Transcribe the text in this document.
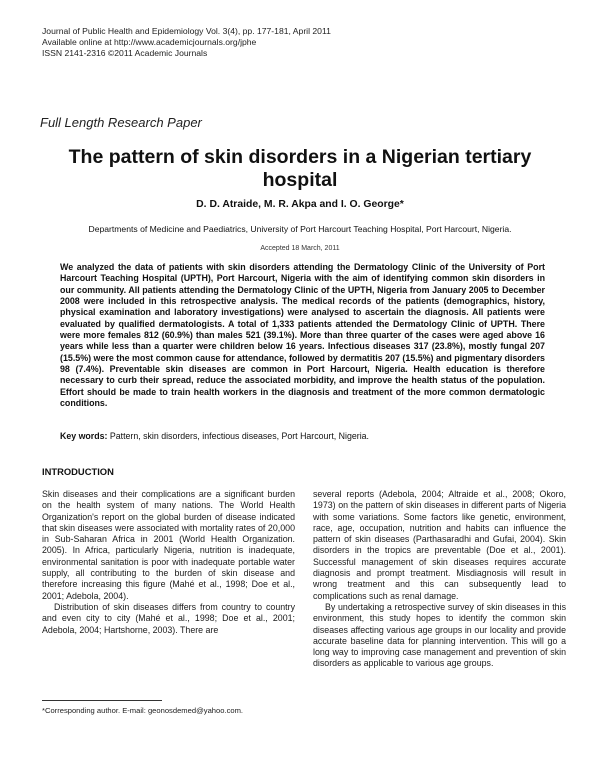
Journal of Public Health and Epidemiology Vol. 3(4), pp. 177-181, April 2011
Available online at http://www.academicjournals.org/jphe
ISSN 2141-2316 ©2011 Academic Journals
Full Length Research Paper
The pattern of skin disorders in a Nigerian tertiary hospital
D. D. Atraide, M. R. Akpa and I. O. George*
Departments of Medicine and Paediatrics, University of Port Harcourt Teaching Hospital, Port Harcourt, Nigeria.
Accepted 18 March, 2011
We analyzed the data of patients with skin disorders attending the Dermatology Clinic of the University of Port Harcourt Teaching Hospital (UPTH), Port Harcourt, Nigeria with the aim of identifying common skin disorders in our community. All patients attending the Dermatology Clinic of the UPTH, Nigeria from January 2005 to December 2008 were included in this retrospective analysis. The medical records of the patients (demographics, history, physical examination and laboratory investigations) were analysed to ascertain the diagnosis. All patients were evaluated by qualified dermatologists. A total of 1,333 patients attended the Dermatology Clinic of UPTH. There were more females 812 (60.9%) than males 521 (39.1%). More than three quarter of the cases were aged above 16 years while less than a quarter were children below 16 years. Infectious diseases 317 (23.8%), mostly fungal 207 (15.5%) were the most common cause for attendance, followed by dermatitis 207 (15.5%) and pigmentary disorders 98 (7.4%). Preventable skin diseases are common in Port Harcourt, Nigeria. Health education is therefore necessary to curb their spread, reduce the associated morbidity, and improve the health status of the population. Effort should be made to train health workers in the diagnosis and treatment of the more common dermatologic conditions.
Key words: Pattern, skin disorders, infectious diseases, Port Harcourt, Nigeria.
INTRODUCTION

Skin diseases and their complications are a significant burden on the health system of many nations. The World Health Organization's report on the global burden of disease indicated that skin diseases were associated with mortality rates of 20,000 in Sub-Saharan Africa in 2001 (World Health Organization. 2005). In Africa, particularly Nigeria, nutrition is inadequate, environmental sanitation is poor with inadequate portable water supply, all contributing to the burden of skin disease and therefore increasing this figure (Mahé et al., 1998; Doe et al., 2001; Adebola, 2004).

Distribution of skin diseases differs from country to country and even city to city (Mahé et al., 1998; Doe et al., 2001; Adebola, 2004; Hartshorne, 2003). There are

several reports (Adebola, 2004; Altraide et al., 2008; Okoro, 1973) on the pattern of skin diseases in different parts of Nigeria with some variations. Some factors like genetic, environment, race, age, occupation, nutrition and habits can influence the pattern of skin diseases (Parthasaradhi and Gufai, 2004). Skin disorders in the tropics are preventable (Doe et al., 2001). Successful management of skin diseases requires accurate diagnosis and prompt treatment. Misdiagnosis will result in wrong treatment and this can subsequently lead to complications such as renal damage.

By undertaking a retrospective survey of skin diseases in this environment, this study hopes to identify the common skin diseases affecting various age groups in our locality and provide accurate baseline data for planning intervention. This will go a long way to improving case management and prevention of skin disorders as applicable to various age groups.

*Corresponding author. E-mail: geonosdemed@yahoo.com.
